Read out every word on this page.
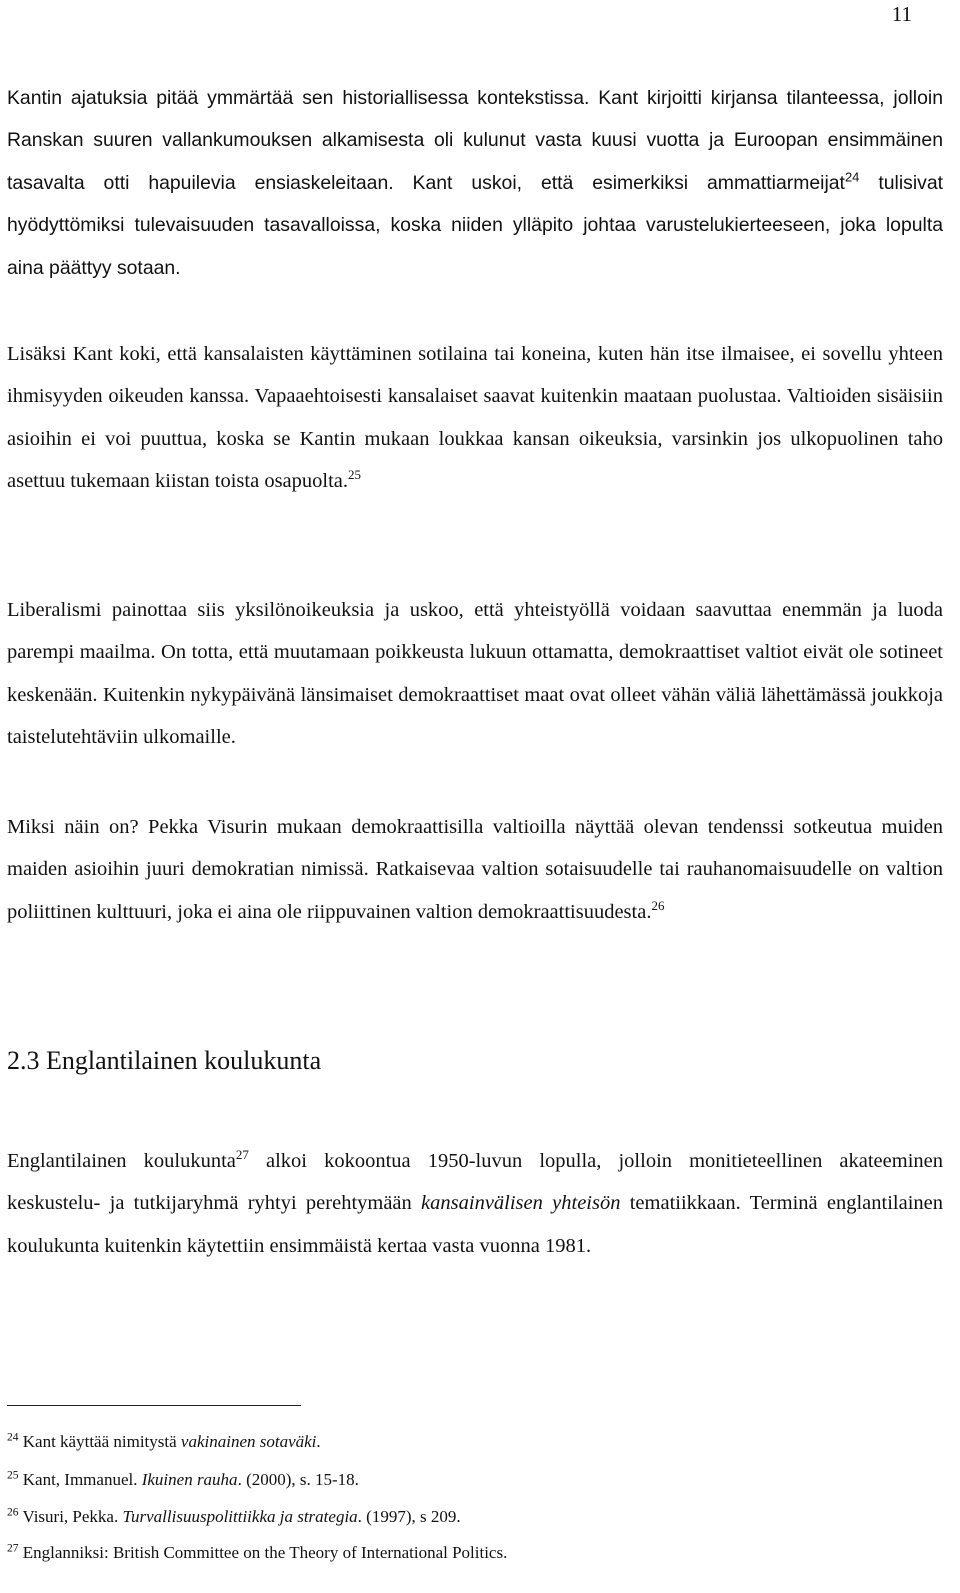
11

Kantin ajatuksia pitää ymmärtää sen historiallisessa kontekstissa. Kant kirjoitti kirjansa tilanteessa, jolloin Ranskan suuren vallankumouksen alkamisesta oli kulunut vasta kuusi vuotta ja Euroopan ensimmäinen tasavalta otti hapuilevia ensiaskeleitaan. Kant uskoi, että esimerkiksi ammattiarmeijat$^{24}$ tulisivat hyödyttömiksi tulevaisuuden tasavalloissa, koska niiden ylläpito johtaa varustelukierteeseen, joka lopulta aina päättyy sotaan.

Lisäksi Kant koki, että kansalaisten käyttäminen sotilaina tai koneina, kuten hän itse ilmaisee, ei sovellu yhteen ihmisyyden oikeuden kanssa. Vapaaehtoisesti kansalaiset saavat kuitenkin maataan puolustaa. Valtioiden sisäisiin asioihin ei voi puuttua, koska se Kantin mukaan loukkaa kansan oikeuksia, varsinkin jos ulkopuolinen taho asettuu tukemaan kiistan toista osapuolta.$^{25}$

Liberalismi painottaa siis yksilönoikeuksia ja uskoo, että yhteistyöllä voidaan saavuttaa enemmän ja luoda parempi maailma. On totta, että muutamaan poikkeusta lukuun ottamatta, demokraattiset valtiot eivät ole sotineet keskenään. Kuitenkin nykypäivänä länsimaiset demokraattiset maat ovat olleet vähän väliä lähettämässä joukkoja taistelutehtäviin ulkomaille.

Miksi näin on? Pekka Visurin mukaan demokraattisilla valtioilla näyttää olevan tendenssi sotkeutua muiden maiden asioihin juuri demokratian nimissä. Ratkaisevaa valtion sotaisuudelle tai rauhanomaisuudelle on valtion poliittinen kulttuuri, joka ei aina ole riippuvainen valtion demokraattisuudesta.$^{26}$

2.3 Englantilainen koulukunta

Englantilainen koulukunta$^{27}$ alkoi kokoontua 1950-luvun lopulla, jolloin monitieteellinen akateeminen keskustelu- ja tutkijaryhmä ryhtyi perehtymään kansainvälisen yhteisön tematiikkaan. Terminä englantilainen koulukunta kuitenkin käytettiin ensimmäistä kertaa vasta vuonna 1981.

$^{24}$ Kant käyttää nimitystä vakinainen sotaväki.

$^{25}$ Kant, Immanuel. Ikuinen rauha. (2000), s. 15-18.

$^{26}$ Visuri, Pekka. Turvallisuuspolittiikka ja strategia. (1997), s 209.

$^{27}$ Englanniksi: British Committee on the Theory of International Politics.
